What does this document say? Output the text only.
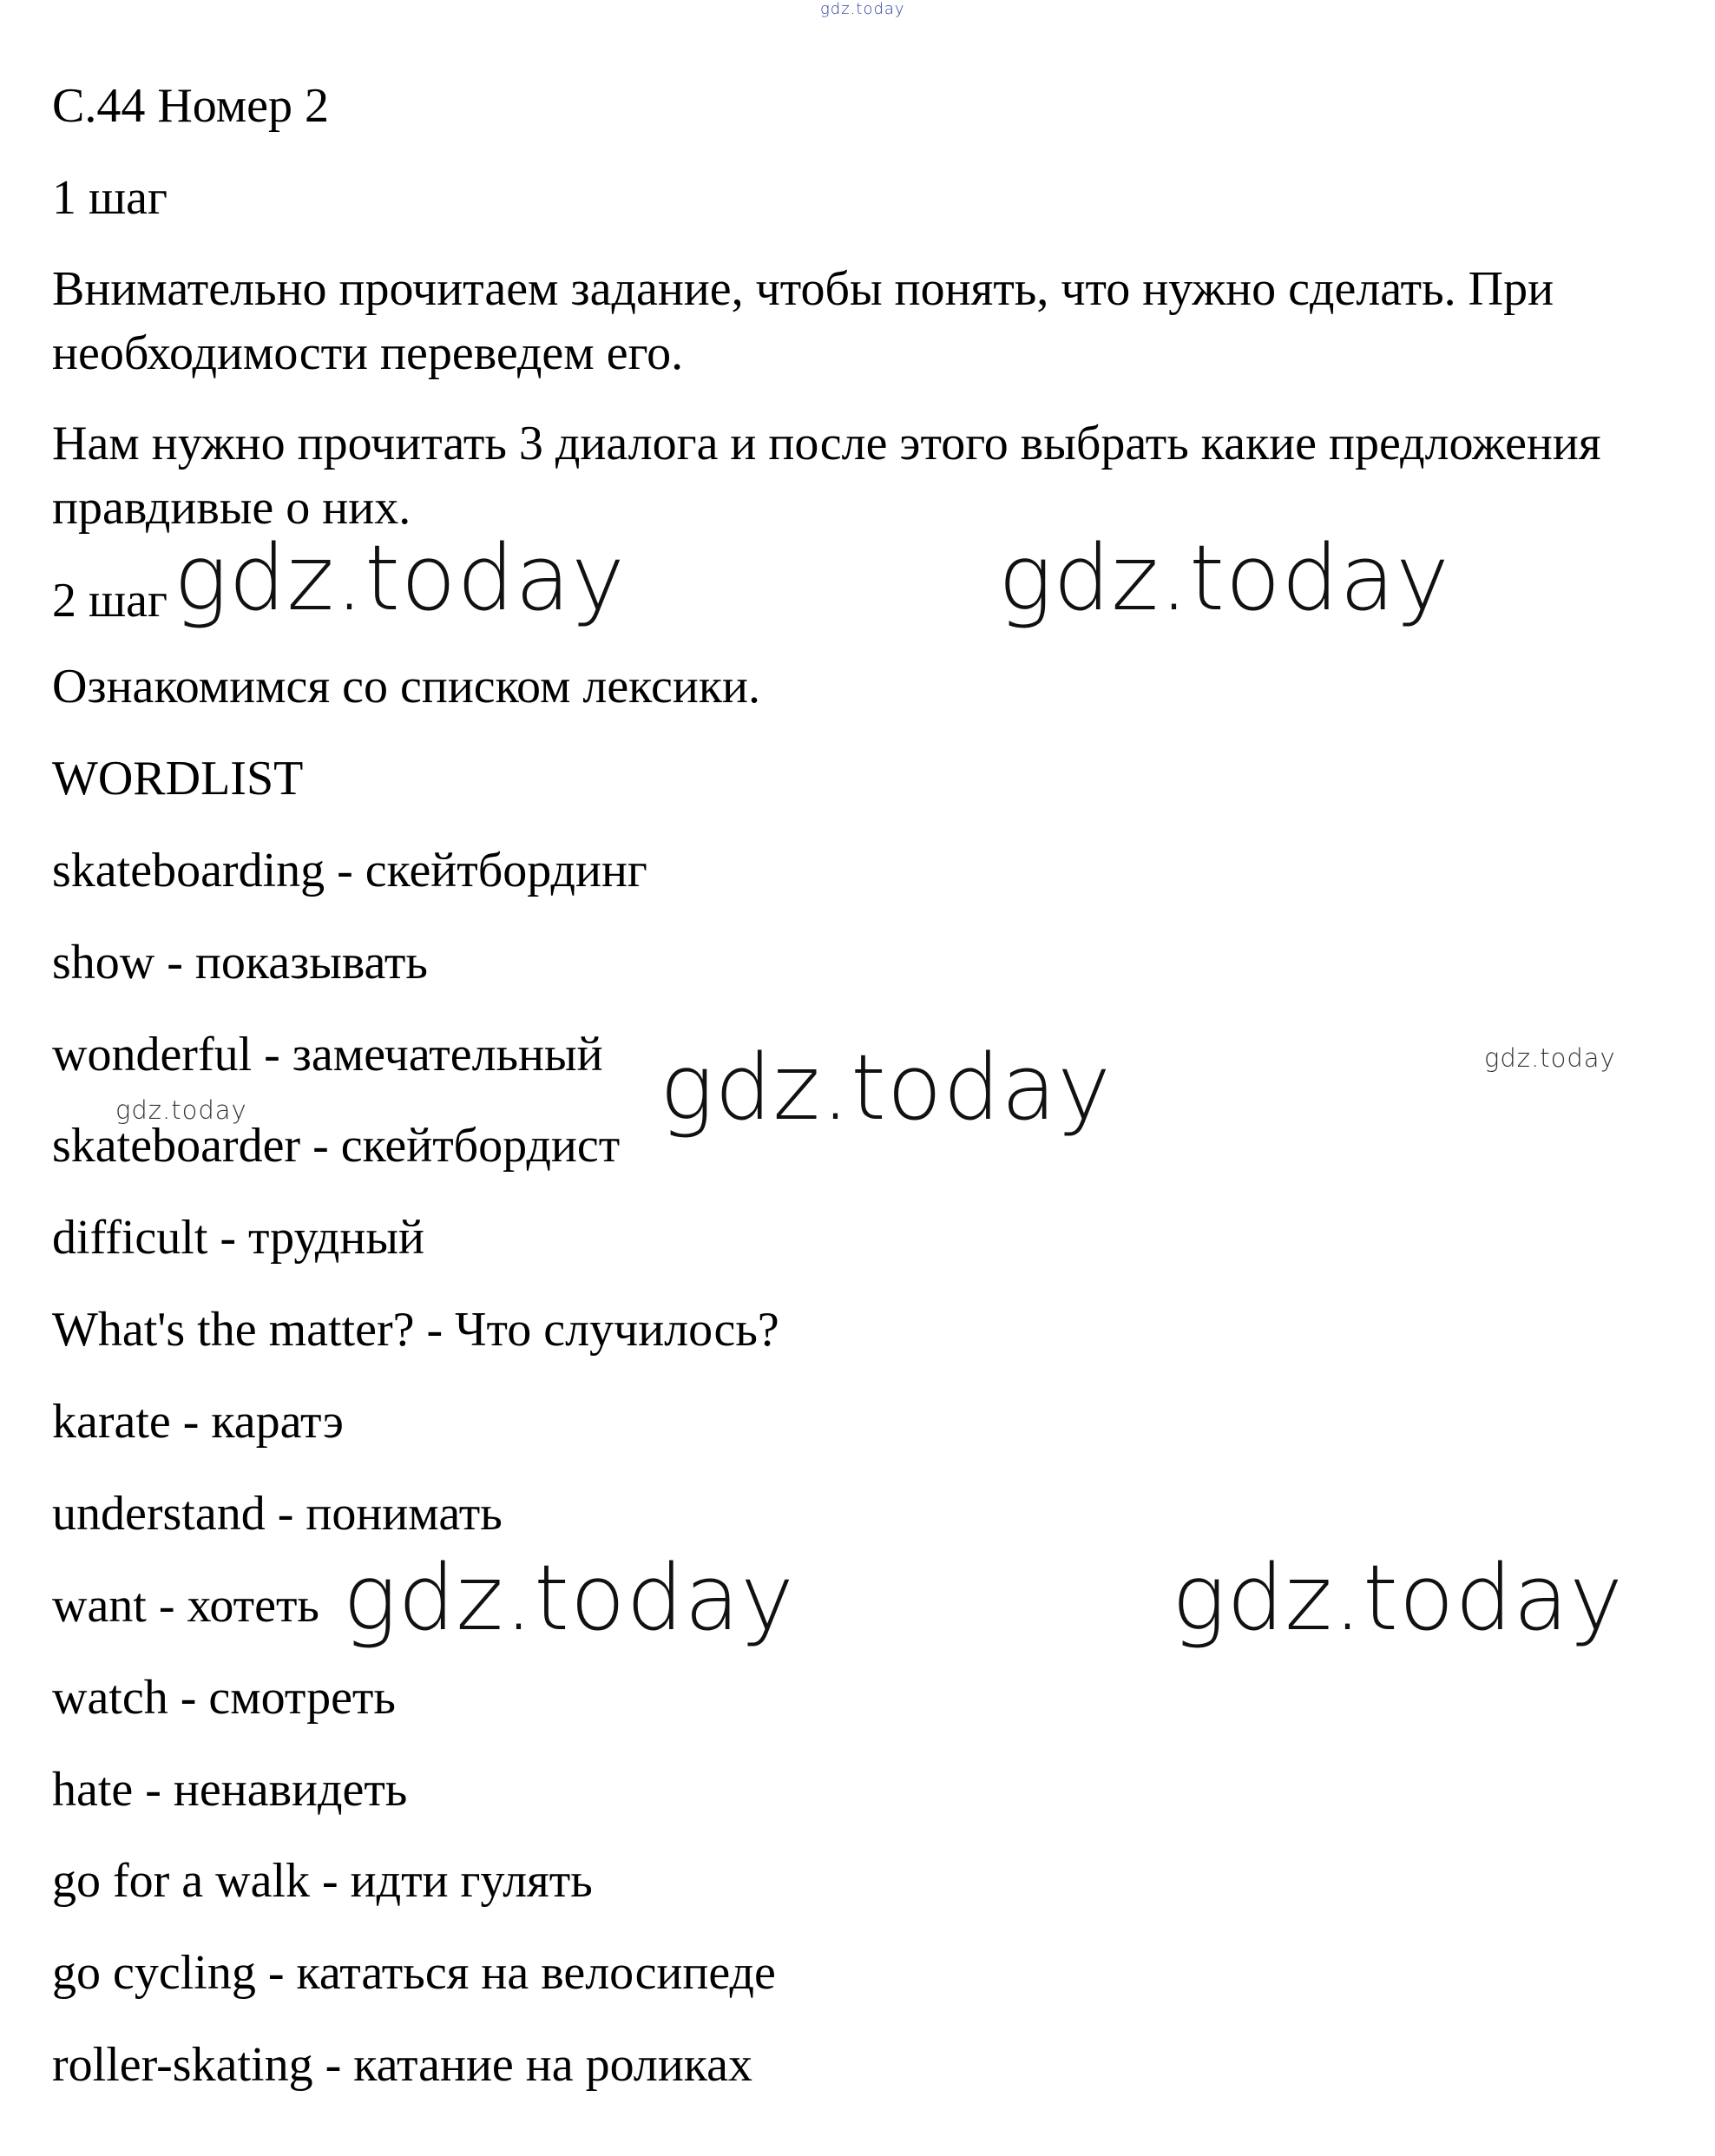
gdz.today
С.44 Номер 2
1 шаг
Внимательно прочитаем задание, чтобы понять, что нужно сделать. При
необходимости переведем его.
Нам нужно прочитать 3 диалога и после этого выбрать какие предложения
правдивые о них.
2 шаг
Ознакомимся со списком лексики.
WORDLIST
skateboarding - скейтбординг
show - показывать
wonderful - замечательный
skateboarder - скейтбордист
difficult - трудный
What's the matter? - Что случилось?
karate - каратэ
understand - понимать
want - хотеть
watch - смотреть
hate - ненавидеть
go for a walk - идти гулять
go cycling - кататься на велосипеде
roller-skating - катание на роликах
gdz.today	gdz.today
gdz.today
gdz.today	gdz.today
gdz.today
gdz.today
